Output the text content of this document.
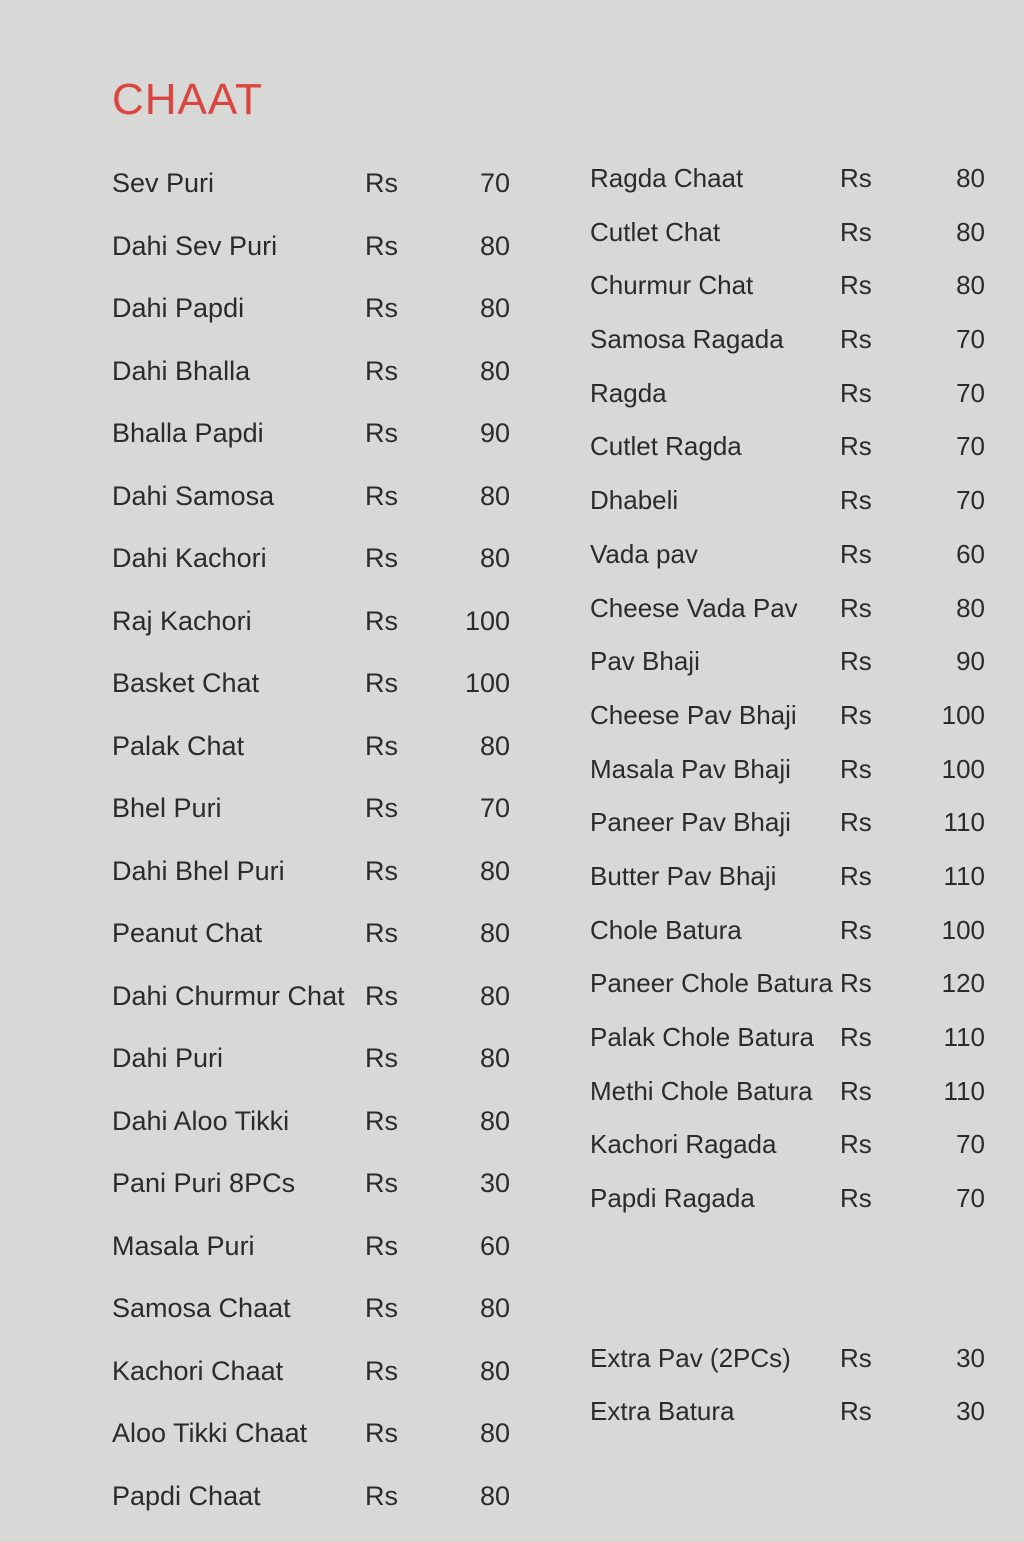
CHAAT
Sev Puri	Rs	70
Dahi Sev Puri	Rs	80
Dahi Papdi	Rs	80
Dahi Bhalla	Rs	80
Bhalla Papdi	Rs	90
Dahi Samosa	Rs	80
Dahi Kachori	Rs	80
Raj Kachori	Rs	100
Basket Chat	Rs	100
Palak Chat	Rs	80
Bhel Puri	Rs	70
Dahi Bhel Puri	Rs	80
Peanut Chat	Rs	80
Dahi Churmur Chat Rs	80
Dahi Puri	Rs	80
Dahi Aloo Tikki	Rs	80
Pani Puri 8PCs	Rs	30
Masala Puri	Rs	60
Samosa Chaat	Rs	80
Kachori Chaat	Rs	80
Aloo Tikki Chaat	Rs	80
Papdi Chaat	Rs	80
Ragda Chaat	Rs	80
Cutlet Chat	Rs	80
Churmur Chat	Rs	80
Samosa Ragada	Rs	70
Ragda	Rs	70
Cutlet Ragda	Rs	70
Dhabeli	Rs	70
Vada pav	Rs	60
Cheese Vada Pav	Rs	80
Pav Bhaji	Rs	90
Cheese Pav Bhaji	Rs	100
Masala Pav Bhaji	Rs	100
Paneer Pav Bhaji	Rs	110
Butter Pav Bhaji	Rs	110
Chole Batura	Rs	100
Paneer Chole Batura Rs	120
Palak Chole Batura Rs	110
Methi Chole Batura	Rs	110
Kachori Ragada	Rs	70
Papdi Ragada	Rs	70
Extra Pav (2PCs)	Rs	30
Extra Batura	Rs	30
